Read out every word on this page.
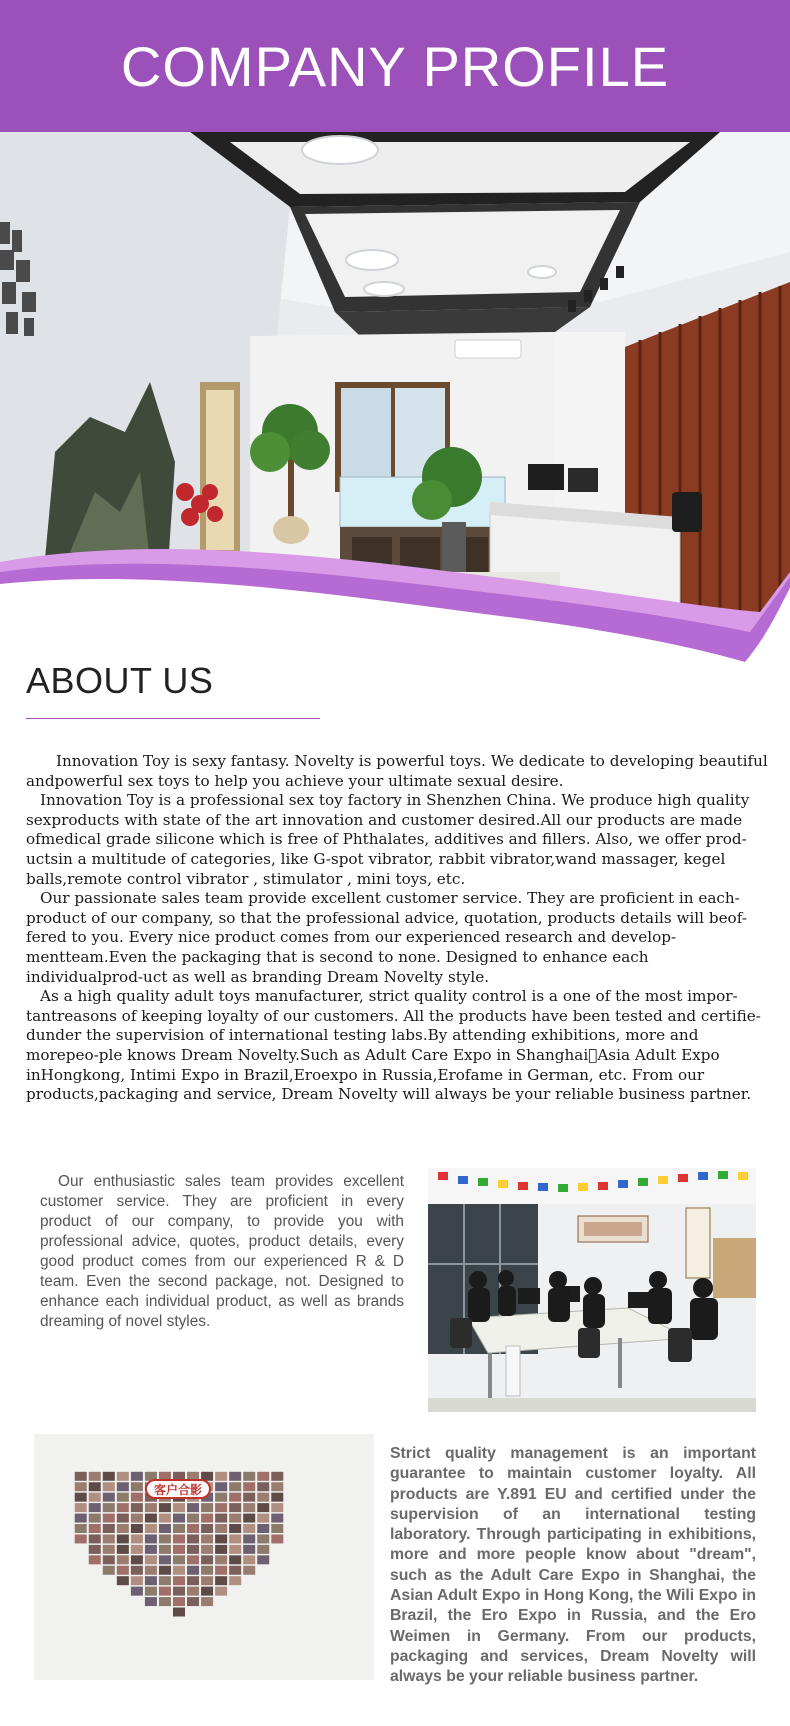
COMPANY PROFILE
ABOUT US

Innovation Toy is sexy fantasy. Novelty is powerful toys. We dedicate to developing beautiful andpowerful sex toys to help you achieve your ultimate sexual desire.

Innovation Toy is a professional sex toy factory in Shenzhen China. We produce high quality sexproducts with state of the art innovation and customer desired.All our products are made ofmedical grade silicone which is free of Phthalates, additives and fillers. Also, we offer prod-uctsin a multitude of categories, like G-spot vibrator, rabbit vibrator,wand massager, kegel balls,remote control vibrator , stimulator , mini toys, etc.

Our passionate sales team provide excellent customer service. They are proficient in each-product of our company, so that the professional advice, quotation, products details will beof-fered to you. Every nice product comes from our experienced research and develop-mentteam.Even the packaging that is second to none. Designed to enhance each individualprod-uct as well as branding Dream Novelty style.

As a high quality adult toys manufacturer, strict quality control is a one of the most impor-tantreasons of keeping loyalty of our customers. All the products have been tested and certifie-dunder the supervision of international testing labs.By attending exhibitions, more and morepeo-ple knows Dream Novelty.Such as Adult Care Expo in Shanghai Asia Adult Expo inHongkong, Intimi Expo in Brazil,Eroexpo in Russia,Erofame in German, etc. From our products,packaging and service, Dream Novelty will always be your reliable business partner.

Our enthusiastic sales team provides excellent customer service. They are proficient in every product of our company, to provide you with professional advice, quotes, product details, every good product comes from our experienced R & D team. Even the second package, not. Designed to enhance each individual product, as well as brands dreaming of novel styles.

客户合影

Strict quality management is an important guarantee to maintain customer loyalty. All products are Y.891 EU and certified under the supervision of an international testing laboratory. Through participating in exhibitions, more and more people know about "dream", such as the Adult Care Expo in Shanghai, the Asian Adult Expo in Hong Kong, the Wili Expo in Brazil, the Ero Expo in Russia, and the Ero Weimen in Germany. From our products, packaging and services, Dream Novelty will always be your reliable business partner.
